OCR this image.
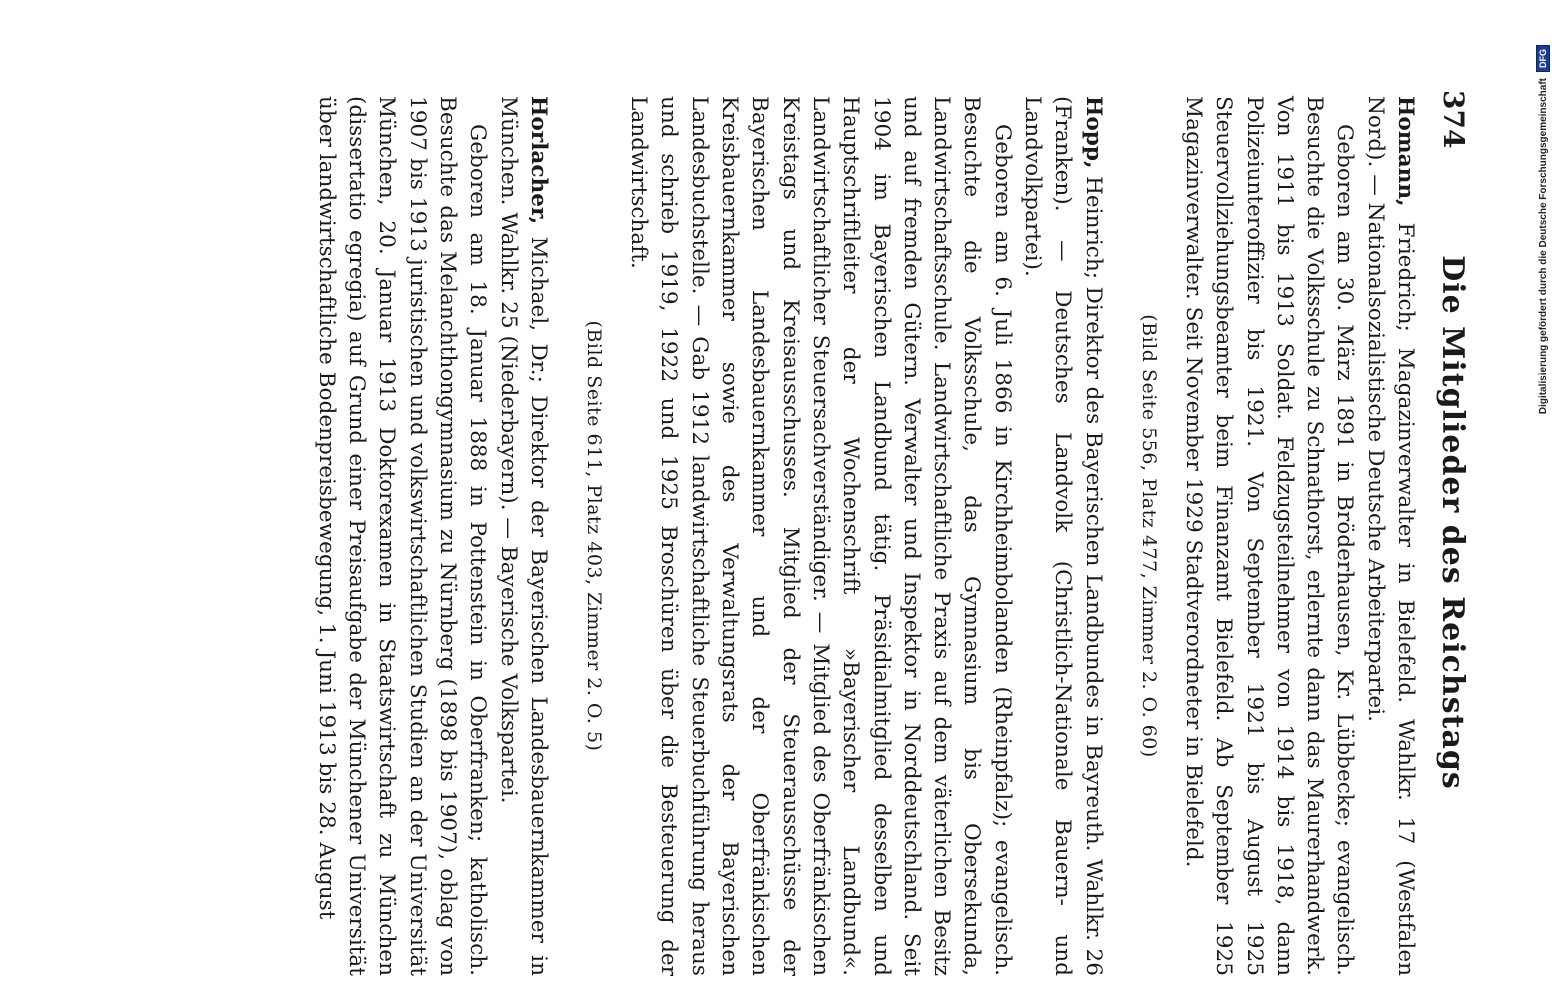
374
Die Mitglieder des Reichstags

Homann, Friedrich; Magazinverwalter in Bielefeld. Wahlkr. 17 (Westfalen Nord). — Nationalsozialistische Deutsche Arbeiterpartei.

Geboren am 30. März 1891 in Bröderhausen, Kr. Lübbecke; evangelisch. Besuchte die Volksschule zu Schnathorst, erlernte dann das Maurerhandwerk. Von 1911 bis 1913 Soldat. Feldzugsteilnehmer von 1914 bis 1918, dann Polizeiunteroffizier bis 1921. Von September 1921 bis August 1925 Steuervollziehungsbeamter beim Finanzamt Bielefeld. Ab September 1925 Magazinverwalter. Seit November 1929 Stadtverordneter in Bielefeld.

(Bild Seite 556, Platz 477, Zimmer 2. O. 60)

Hopp, Heinrich; Direktor des Bayerischen Landbundes in Bayreuth. Wahlkr. 26 (Franken). — Deutsches Landvolk (Christlich-Nationale Bauern- und Landvolkpartei).

Geboren am 6. Juli 1866 in Kirchheimbolanden (Rheinpfalz); evangelisch. Besuchte die Volksschule, das Gymnasium bis Obersekunda, Landwirtschaftsschule. Landwirtschaftliche Praxis auf dem väterlichen Besitz und auf fremden Gütern. Verwalter und Inspektor in Norddeutschland. Seit 1904 im Bayerischen Landbund tätig. Präsidialmitglied desselben und Hauptschriftleiter der Wochenschrift »Bayerischer Landbund«. Landwirtschaftlicher Steuersachverständiger. — Mitglied des Oberfränkischen Kreistags und Kreisausschusses. Mitglied der Steuerausschüsse der Bayerischen Landesbauernkammer und der Oberfränkischen Kreisbauernkammer sowie des Verwaltungsrats der Bayerischen Landesbuchstelle. — Gab 1912 landwirtschaftliche Steuerbuchführung heraus und schrieb 1919, 1922 und 1925 Broschüren über die Besteuerung der Landwirtschaft.

(Bild Seite 611, Platz 403, Zimmer 2. O. 5)

Horlacher, Michael, Dr.; Direktor der Bayerischen Landesbauernkammer in München. Wahlkr. 25 (Niederbayern). — Bayerische Volkspartei.

Geboren am 18. Januar 1888 in Pottenstein in Oberfranken; katholisch. Besuchte das Melanchthongymnasium zu Nürnberg (1898 bis 1907), oblag von 1907 bis 1913 juristischen und volkswirtschaftlichen Studien an der Universität München, 20. Januar 1913 Doktorexamen in Staatswirtschaft zu München (dissertatio egregia) auf Grund einer Preisaufgabe der Münchener Universität über landwirtschaftliche Bodenpreisbewegung, 1. Juni 1913 bis 28. August	Digitalisierung gefördert durch die Deutsche Forschungsgemeinschaft
DFG
